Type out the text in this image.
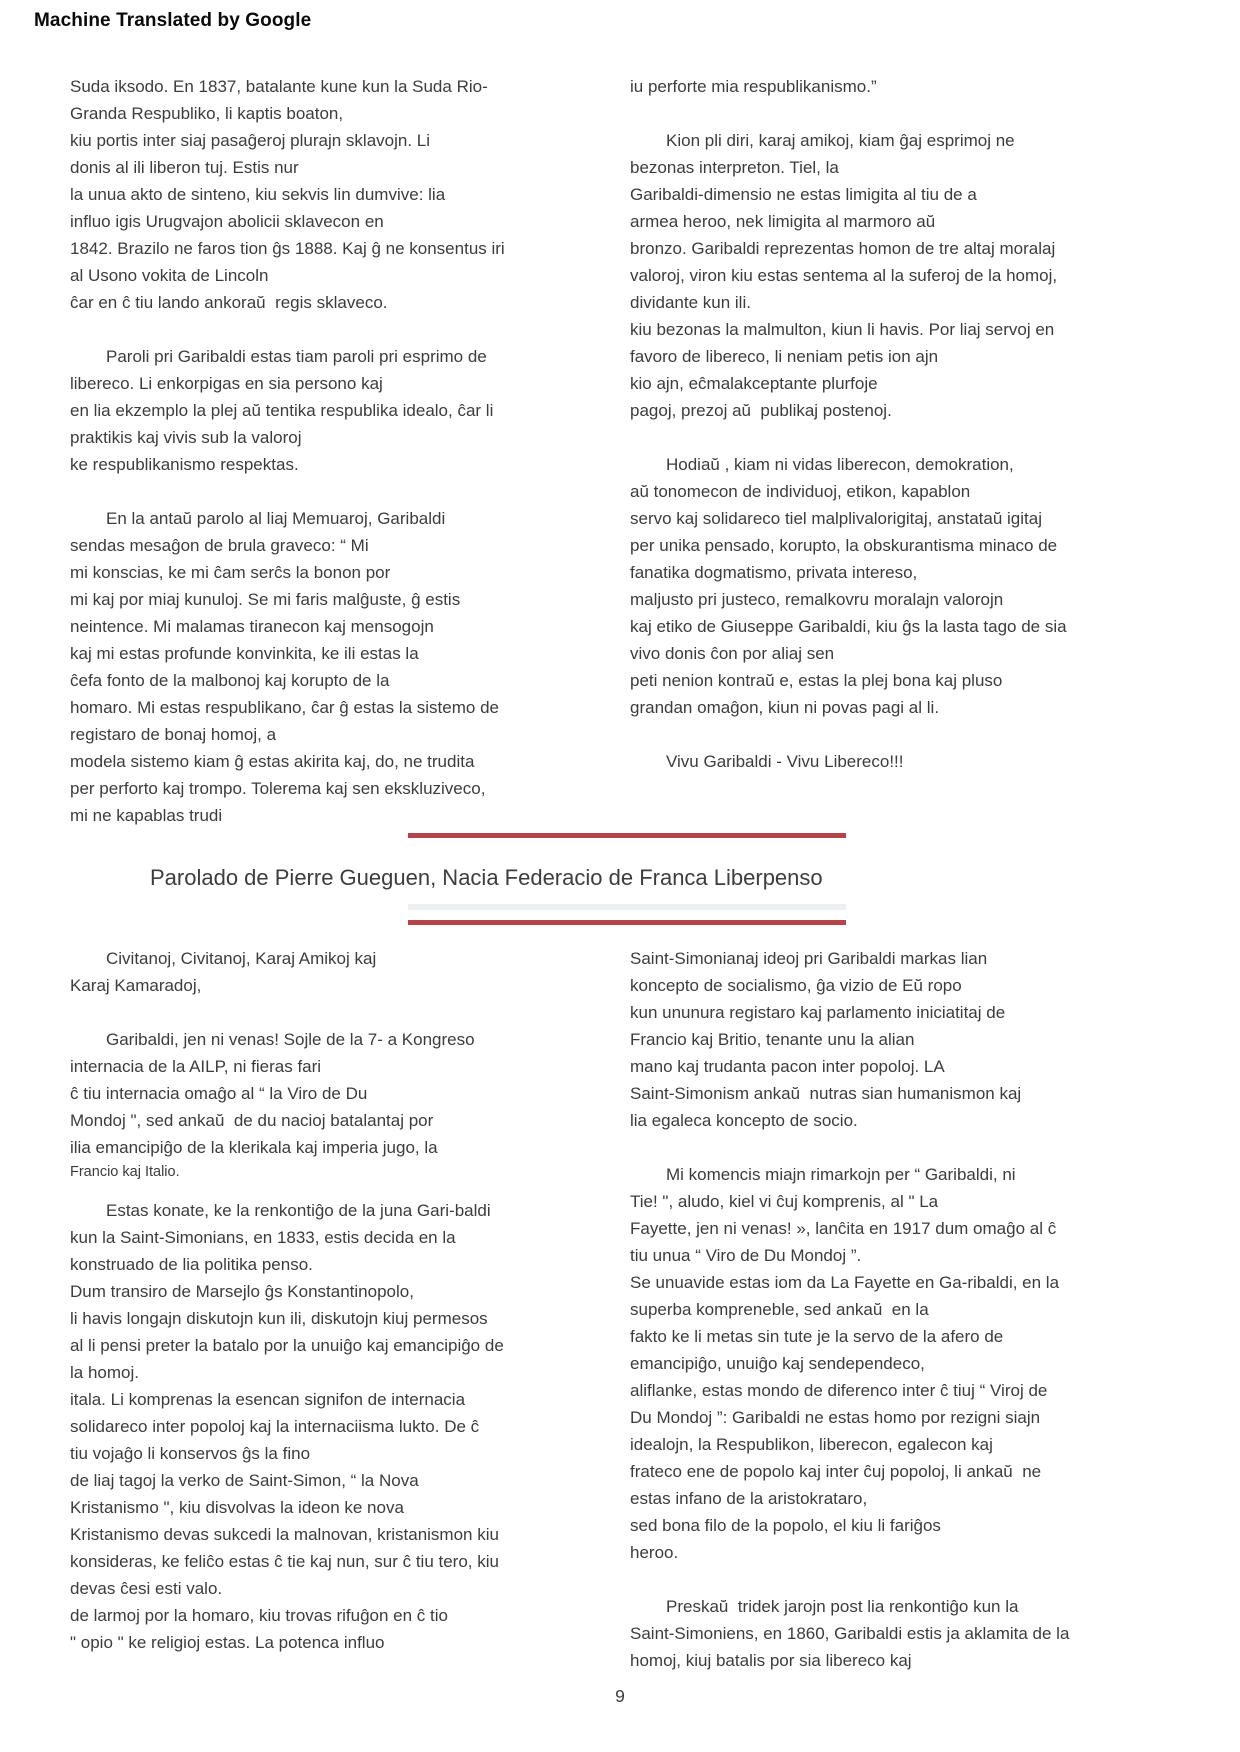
Machine Translated by Google
Suda iksodo. En 1837, batalante kune kun la Suda Rio-
Granda Respubliko, li kaptis boaton,
kiu portis inter siaj pasaĝeroj plurajn sklavojn. Li
donis al ili liberon tuj. Estis nur
la unua akto de sinteno, kiu sekvis lin dumvive: lia
influo igis Urugvajon abolicii sklavecon en
1842. Brazilo ne faros tion ĝs 1888. Kaj ĝ ne konsentus iri
al Usono vokita de Lincoln
ĉar en ĉ tiu lando ankoraŭ  regis sklaveco.
Paroli pri Garibaldi estas tiam paroli pri esprimo de
libereco. Li enkorpigas en sia persono kaj
en lia ekzemplo la plej aŭ tentika respublika idealo, ĉar li
praktikis kaj vivis sub la valoroj
ke respublikanismo respektas.
En la antaŭ parolo al liaj Memuaroj, Garibaldi
sendas mesaĝon de brula graveco: “ Mi
mi konscias, ke mi ĉam serĉs la bonon por
mi kaj por miaj kunuloj. Se mi faris malĝuste, ĝ estis
neintence. Mi malamas tiranecon kaj mensogojn
kaj mi estas profunde konvinkita, ke ili estas la
ĉefa fonto de la malbonoj kaj korupto de la
homaro. Mi estas respublikano, ĉar ĝ estas la sistemo de
registaro de bonaj homoj, a
modela sistemo kiam ĝ estas akirita kaj, do, ne trudita
per perforto kaj trompo. Tolerema kaj sen ekskluziveco,
mi ne kapablas trudi
iu perforte mia respublikanismo.”
Kion pli diri, karaj amikoj, kiam ĝaj esprimoj ne
bezonas interpreton. Tiel, la
Garibaldi-dimensio ne estas limigita al tiu de a
armea heroo, nek limigita al marmoro aŭ
bronzo. Garibaldi reprezentas homon de tre altaj moralaj
valoroj, viron kiu estas sentema al la suferoj de la homoj,
dividante kun ili.
kiu bezonas la malmulton, kiun li havis. Por liaj servoj en
favoro de libereco, li neniam petis ion ajn
kio ajn, eĉmalakceptante plurfoje
pagoj, prezoj aŭ  publikaj postenoj.
Hodiaŭ , kiam ni vidas liberecon, demokration,
aŭ tonomecon de individuoj, etikon, kapablon
servo kaj solidareco tiel malplivalorigitaj, anstataŭ igitaj
per unika pensado, korupto, la obskurantisma minaco de
fanatika dogmatismo, privata intereso,
maljusto pri justeco, remalkovru moralajn valorojn
kaj etiko de Giuseppe Garibaldi, kiu ĝs la lasta tago de sia
vivo donis ĉon por aliaj sen
peti nenion kontraŭ e, estas la plej bona kaj pluso
grandan omaĝon, kiun ni povas pagi al li.
Vivu Garibaldi - Vivu Libereco!!!
Parolado de Pierre Gueguen, Nacia Federacio de Franca Liberpenso
Civitanoj, Civitanoj, Karaj Amikoj kaj
Karaj Kamaradoj,
Garibaldi, jen ni venas! Sojle de la 7- a Kongreso
internacia de la AILP, ni fieras fari
ĉ tiu internacia omaĝo al “ la Viro de Du
Mondoj ", sed ankaŭ  de du nacioj batalantaj por
ilia emancipiĝo de la klerikala kaj imperia jugo, la
Francio kaj Italio.
Estas konate, ke la renkontiĝo de la juna Gari-baldi
kun la Saint-Simonians, en 1833, estis decida en la
konstruado de lia politika penso.
Dum transiro de Marsejlo ĝs Konstantinopolo,
li havis longajn diskutojn kun ili, diskutojn kiuj permesos
al li pensi preter la batalo por la unuiĝo kaj emancipiĝo de
la homoj.
itala. Li komprenas la esencan signifon de internacia
solidareco inter popoloj kaj la internaciisma lukto. De ĉ
tiu vojaĝo li konservos ĝs la fino
de liaj tagoj la verko de Saint-Simon, “ la Nova
Kristanismo ", kiu disvolvas la ideon ke nova
Kristanismo devas sukcedi la malnovan, kristanismon kiu
konsideras, ke feliĉo estas ĉ tie kaj nun, sur ĉ tiu tero, kiu
devas ĉesi esti valo.
de larmoj por la homaro, kiu trovas rifuĝon en ĉ tio
" opio " ke religioj estas. La potenca influo
Saint-Simonianaj ideoj pri Garibaldi markas lian
koncepto de socialismo, ĝa vizio de Eŭ ropo
kun ununura registaro kaj parlamento iniciatitaj de
Francio kaj Britio, tenante unu la alian
mano kaj trudanta pacon inter popoloj. LA
Saint-Simonism ankaŭ  nutras sian humanismon kaj
lia egaleca koncepto de socio.
Mi komencis miajn rimarkojn per “ Garibaldi, ni
Tie! ", aludo, kiel vi ĉuj komprenis, al " La
Fayette, jen ni venas! », lanĉita en 1917 dum omaĝo al ĉ
tiu unua “ Viro de Du Mondoj ”.
Se unuavide estas iom da La Fayette en Ga-ribaldi, en la
superba kompreneble, sed ankaŭ  en la
fakto ke li metas sin tute je la servo de la afero de
emancipiĝo, unuiĝo kaj sendependeco,
aliflanke, estas mondo de diferenco inter ĉ tiuj “ Viroj de
Du Mondoj ”: Garibaldi ne estas homo por rezigni siajn
idealojn, la Respublikon, liberecon, egalecon kaj
frateco ene de popolo kaj inter ĉuj popoloj, li ankaŭ  ne
estas infano de la aristokrataro,
sed bona filo de la popolo, el kiu li fariĝos
heroo.
Preskaŭ  tridek jarojn post lia renkontiĝo kun la
Saint-Simoniens, en 1860, Garibaldi estis ja aklamita de la
homoj, kiuj batalis por sia libereco kaj
9
